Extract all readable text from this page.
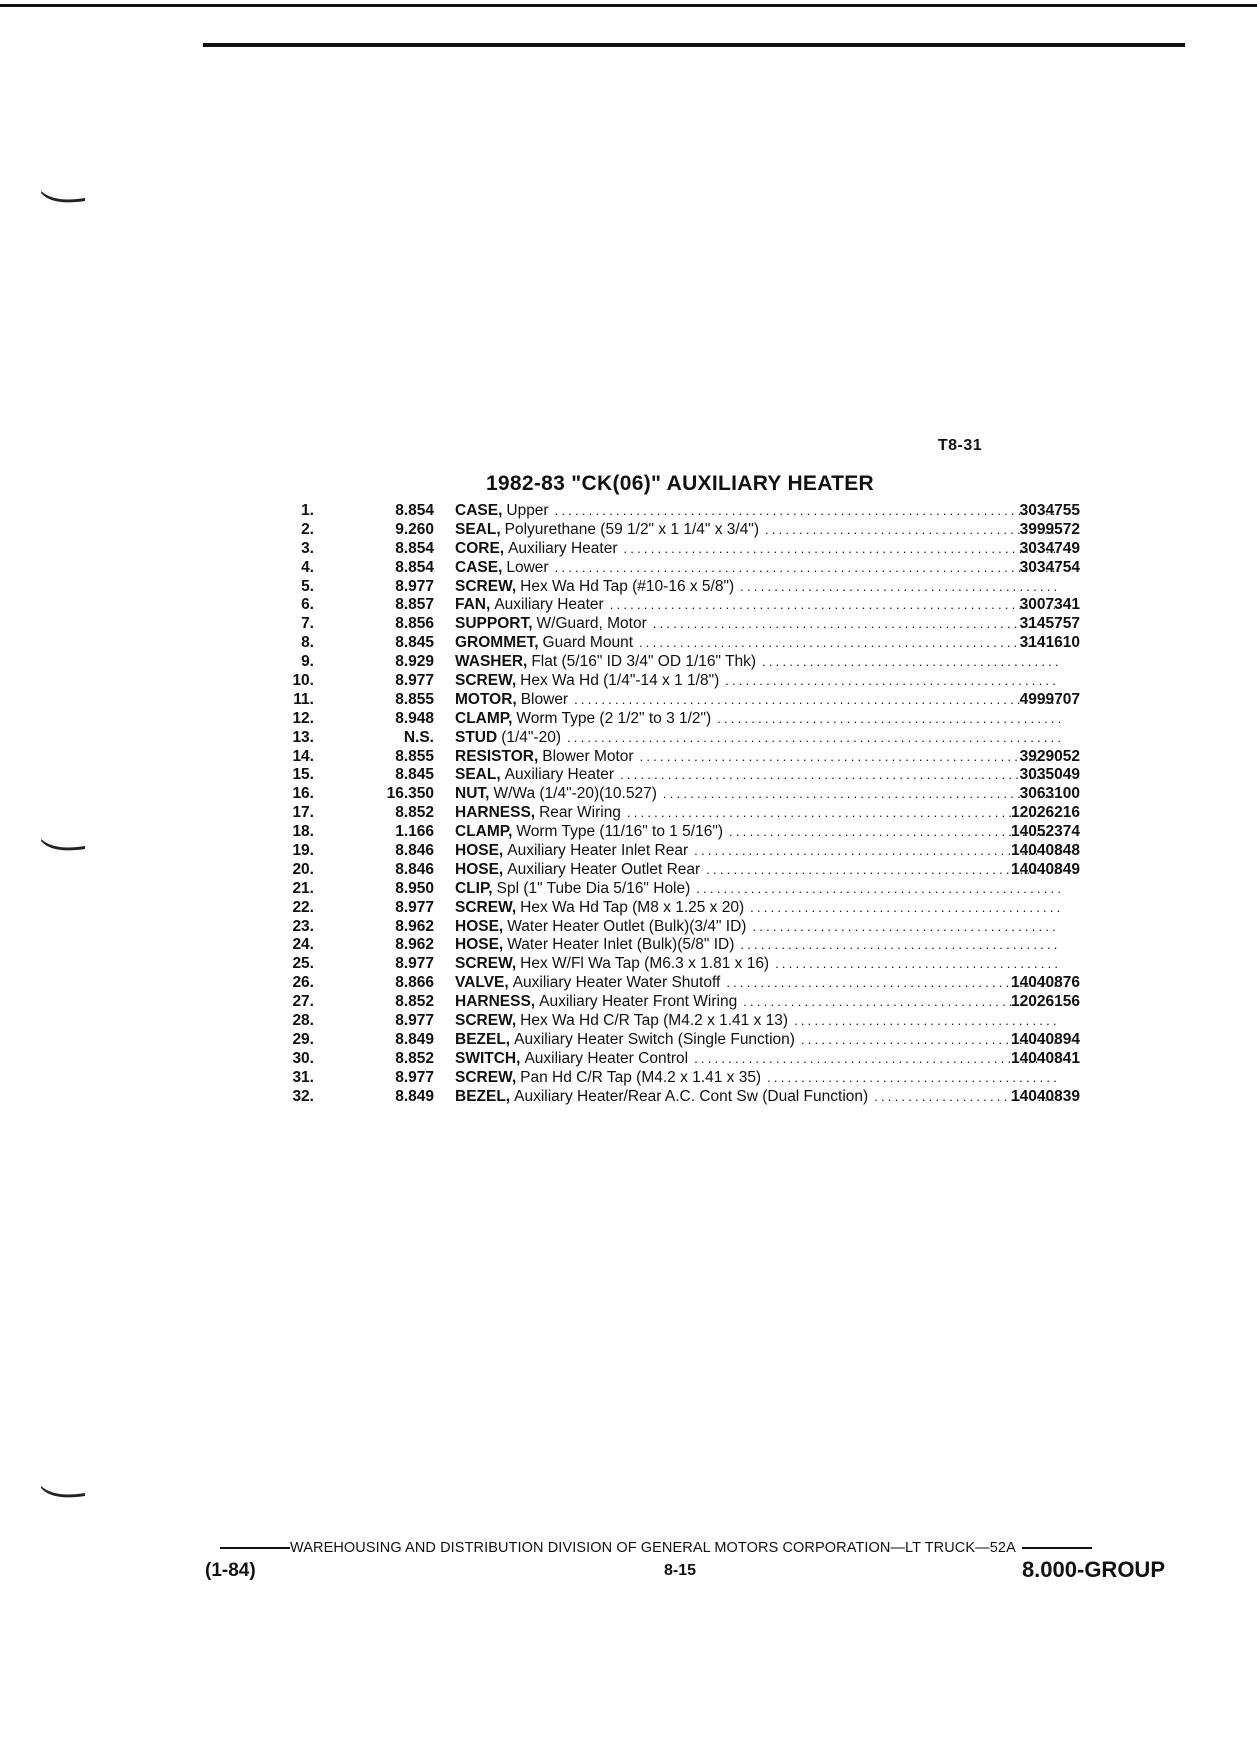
T8-31
1982-83 "CK(06)" AUXILIARY HEATER
1.	8.854 CASE, Upper .....	3034755
2.	9.260 SEAL, Polyurethane (59 1/2" x 1 1/4" x 3/4") .....	3999572
3.	8.854 CORE, Auxiliary Heater .....	3034749
4.	8.854 CASE, Lower .....	3034754
5.	8.977 SCREW, Hex Wa Hd Tap (#10-16 x 5/8")
.....
6.	8.857 FAN, Auxiliary Heater .....	3007341
7.	8.856 SUPPORT, W/Guard, Motor .....	3145757
8.	8.845 GROMMET, Guard Mount .....	3141610
9.	8.929 WASHER, Flat (5/16" ID 3/4" OD 1/16" Thk)
.....
10.	8.977 SCREW, Hex Wa Hd (1/4"-14 x 1 1/8")
.....
11.	8.855 MOTOR, Blower .....	4999707
12.	8.948 CLAMP, Worm Type (2 1/2" to 3 1/2")
.....
13.	N.S. STUD (1/4"-20)
.....
14.	8.855 RESISTOR, Blower Motor .....	3929052
15.	8.845 SEAL, Auxiliary Heater .....	3035049
16.	16.350 NUT, W/Wa (1/4"-20)(10.527) .....	3063100
17.	8.852 HARNESS, Rear Wiring .....	12026216
18.	1.166 CLAMP, Worm Type (11/16" to 1 5/16") .....	14052374
19.	8.846 HOSE, Auxiliary Heater Inlet Rear .....	14040848
20.	8.846 HOSE, Auxiliary Heater Outlet Rear .....	14040849
21.	8.950 CLIP, Spl (1" Tube Dia 5/16" Hole)
.....
22.	8.977 SCREW, Hex Wa Hd Tap (M8 x 1.25 x 20)
.....
23.	8.962 HOSE, Water Heater Outlet (Bulk)(3/4" ID)
.....
24.	8.962 HOSE, Water Heater Inlet (Bulk)(5/8" ID)
.....
25.	8.977 SCREW, Hex W/Fl Wa Tap (M6.3 x 1.81 x 16)
.....
26.	8.866 VALVE, Auxiliary Heater Water Shutoff .....	14040876
27.	8.852 HARNESS, Auxiliary Heater Front Wiring .....	12026156
28.	8.977 SCREW, Hex Wa Hd C/R Tap (M4.2 x 1.41 x 13)
.....
29.	8.849 BEZEL, Auxiliary Heater Switch (Single Function) .....	14040894
30.	8.852 SWITCH, Auxiliary Heater Control .....	14040841
31.	8.977 SCREW, Pan Hd C/R Tap (M4.2 x 1.41 x 35)
.....
32.	8.849 BEZEL, Auxiliary Heater/Rear A.C. Cont Sw (Dual Function) .....	14040839
WAREHOUSING AND DISTRIBUTION DIVISION OF GENERAL MOTORS CORPORATION—LT TRUCK—52A
(1-84)	8-15	8.000-GROUP
